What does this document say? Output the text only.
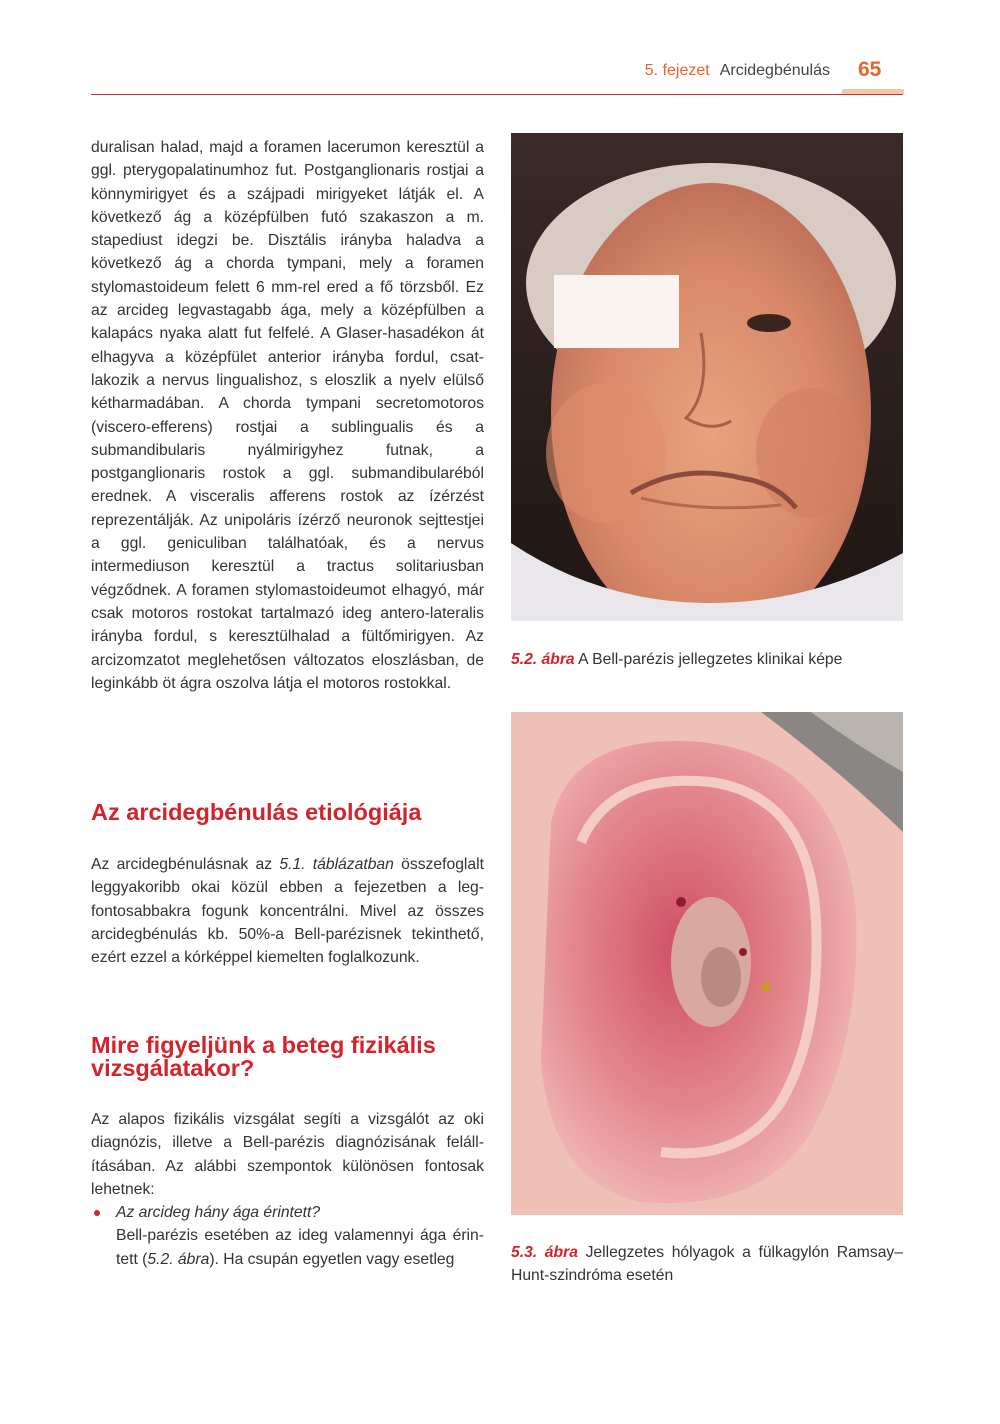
5. fejezet Arcidegbénulás 65

duralisan halad, majd a foramen lacerumon keresztül a ggl. pterygopalatinumhoz fut. Postganglionaris rostjai a könnymirigyet és a szájpadi mirigyeket látják el. A következő ág a középfülben futó szakaszon a m. stapediust idegzi be. Disztális irányba haladva a következő ág a chorda tympani, mely a foramen stylomastoideum felett 6 mm-rel ered a fő törzsből. Ez az arcideg legvastagabb ága, mely a középfülben a kalapács nyaka alatt fut felfelé. A Glaser-hasadékon át elhagyva a középfület anterior irányba fordul, csatlakozik a nervus lingualishoz, s eloszlik a nyelv elülső kétharmadában. A chorda tympani secretomotoros (viscero-efferens) rostjai a sublingualis és a submandibularis nyálmirigyhez futnak, a postganglionaris rostok a ggl. submandibularéból erednek. A visceralis afferens rostok az ízérzést reprezentálják. Az unipoláris ízérző neuronok sejttestjei a ggl. geniculiban találhatóak, és a nervus intermediuson keresztül a tractus solitariusban végződnek. A foramen stylomastoideumot elhagyó, már csak motoros rostokat tartalmazó ideg antero-lateralis irányba fordul, s keresztülhalad a fültőmirigyen. Az arcizomzatot meglehetősen változatos eloszlásban, de leginkább öt ágra oszolva látja el motoros rostokkal.

Az arcidegbénulás etiológiája

Az arcidegbénulásnak az 5.1. táblázatban összefoglalt leggyakoribb okai közül ebben a fejezetben a legfontosabbakra fogunk koncentrálni. Mivel az összes arcidegbénulás kb. 50%-a Bell-parézisnek tekinthető, ezért ezzel a kórképpel kiemelten foglalkozunk.

Mire figyeljünk a beteg fizikális
vizsgálatakor?

Az alapos fizikális vizsgálat segíti a vizsgálót az oki diagnózis, illetve a Bell-parézis diagnózisának felállításában. Az alábbi szempontok különösen fontosak lehetnek:

Az arcideg hány ága érintett?

Bell-parézis esetében az ideg valamennyi ága érintett (5.2. ábra). Ha csupán egyetlen vagy esetleg

5.2. ábra A Bell-parézis jellegzetes klinikai képe
5.3. ábra Jellegzetes hólyagok a fülkagylón Ramsay–Hunt-szindróma esetén
